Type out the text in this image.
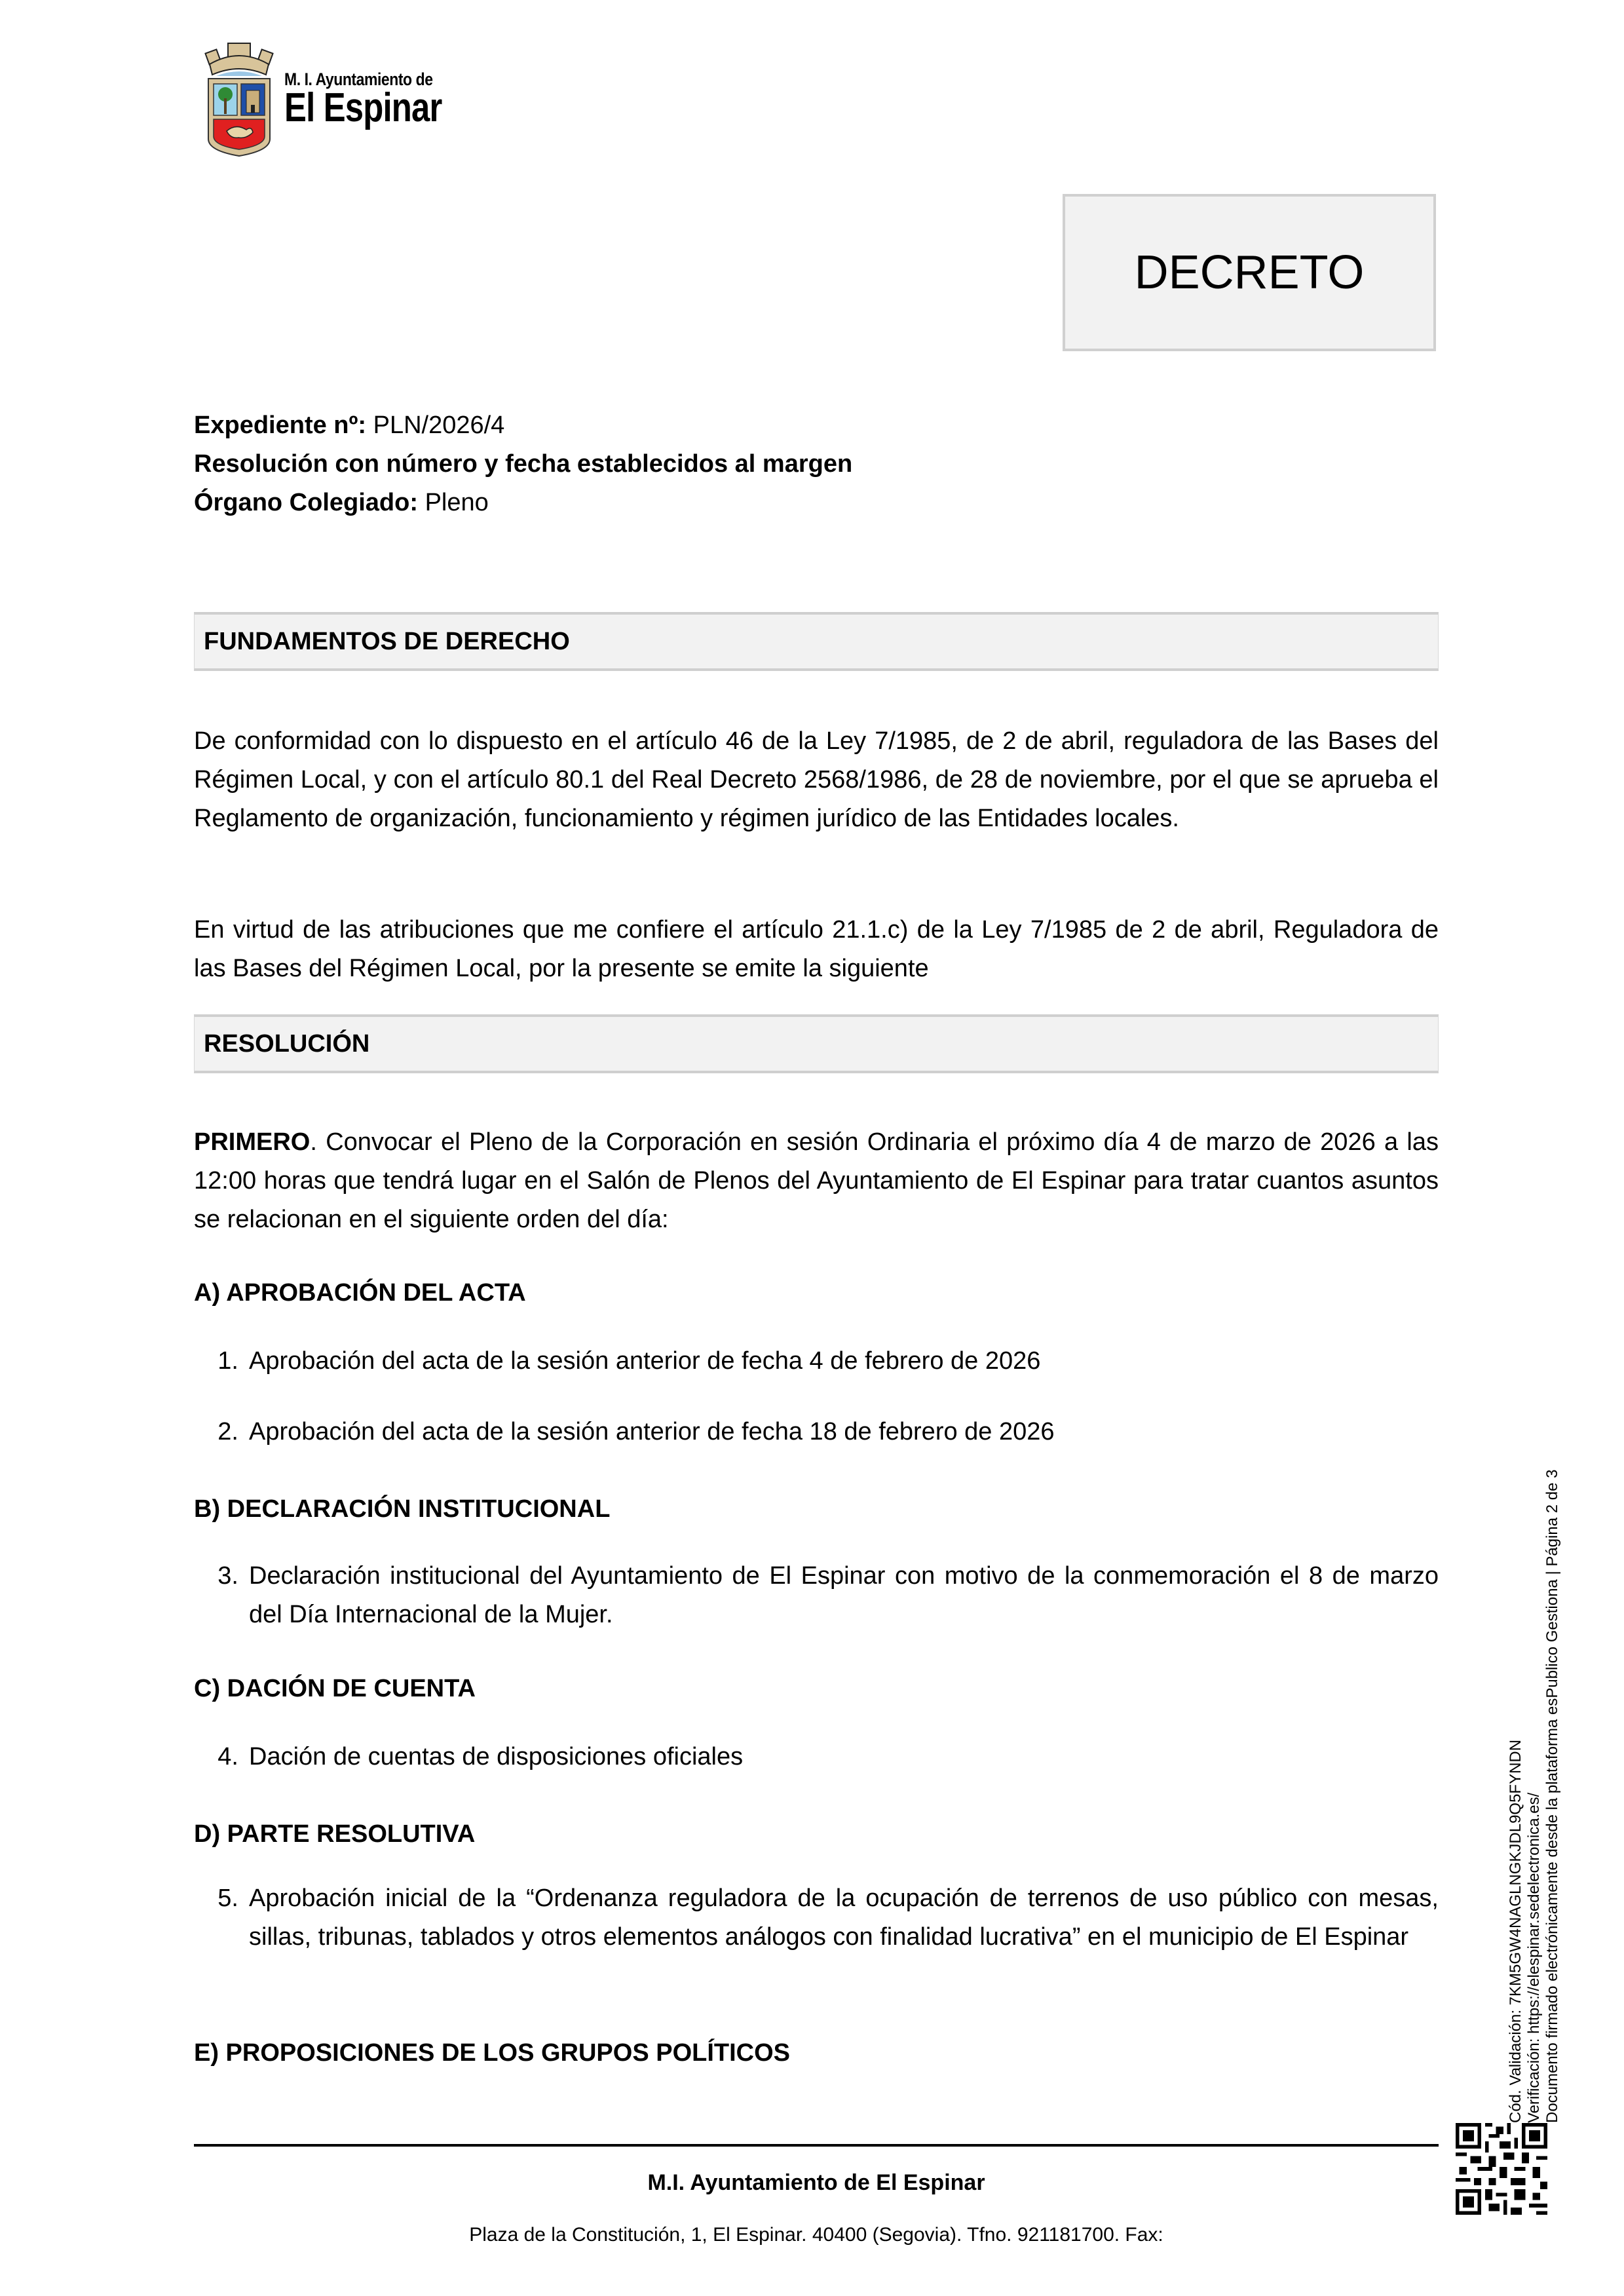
M. I. Ayuntamiento de
El Espinar
DECRETO
Expediente nº: PLN/2026/4
Resolución con número y fecha establecidos al margen
Órgano Colegiado: Pleno
FUNDAMENTOS DE DERECHO
De conformidad con lo dispuesto en el artículo 46 de la Ley 7/1985, de 2 de abril, reguladora de las Bases del Régimen Local, y con el artículo 80.1 del Real Decreto 2568/1986, de 28 de noviembre, por el que se aprueba el Reglamento de organización, funcionamiento y régimen jurídico de las Entidades locales.
En virtud de las atribuciones que me confiere el artículo 21.1.c) de la Ley 7/1985 de 2 de abril, Reguladora de las Bases del Régimen Local, por la presente se emite la siguiente
RESOLUCIÓN
PRIMERO. Convocar el Pleno de la Corporación en sesión Ordinaria el próximo día 4 de marzo de 2026 a las 12:00 horas que tendrá lugar en el Salón de Plenos del Ayuntamiento de El Espinar para tratar cuantos asuntos se relacionan en el siguiente orden del día:
A) APROBACIÓN DEL ACTA
1. Aprobación del acta de la sesión anterior de fecha 4 de febrero de 2026
2. Aprobación del acta de la sesión anterior de fecha 18 de febrero de 2026
B) DECLARACIÓN INSTITUCIONAL
3. Declaración institucional del Ayuntamiento de El Espinar con motivo de la conmemoración el 8 de marzo del Día Internacional de la Mujer.
C) DACIÓN DE CUENTA
4. Dación de cuentas de disposiciones oficiales
D) PARTE RESOLUTIVA
5. Aprobación inicial de la “Ordenanza reguladora de la ocupación de terrenos de uso público con mesas, sillas, tribunas, tablados y otros elementos análogos con finalidad lucrativa” en el municipio de El Espinar
E) PROPOSICIONES DE LOS GRUPOS POLÍTICOS
M.I. Ayuntamiento de El Espinar
Plaza de la Constitución, 1, El Espinar. 40400 (Segovia). Tfno. 921181700. Fax:
Cód. Validación: 7KM5GW4NAGLNGKJDL9Q5FYNDN Verificación: https://elespinar.sedelectronica.es/ Documento firmado electrónicamente desde la plataforma esPublico Gestiona | Página 2 de 3
